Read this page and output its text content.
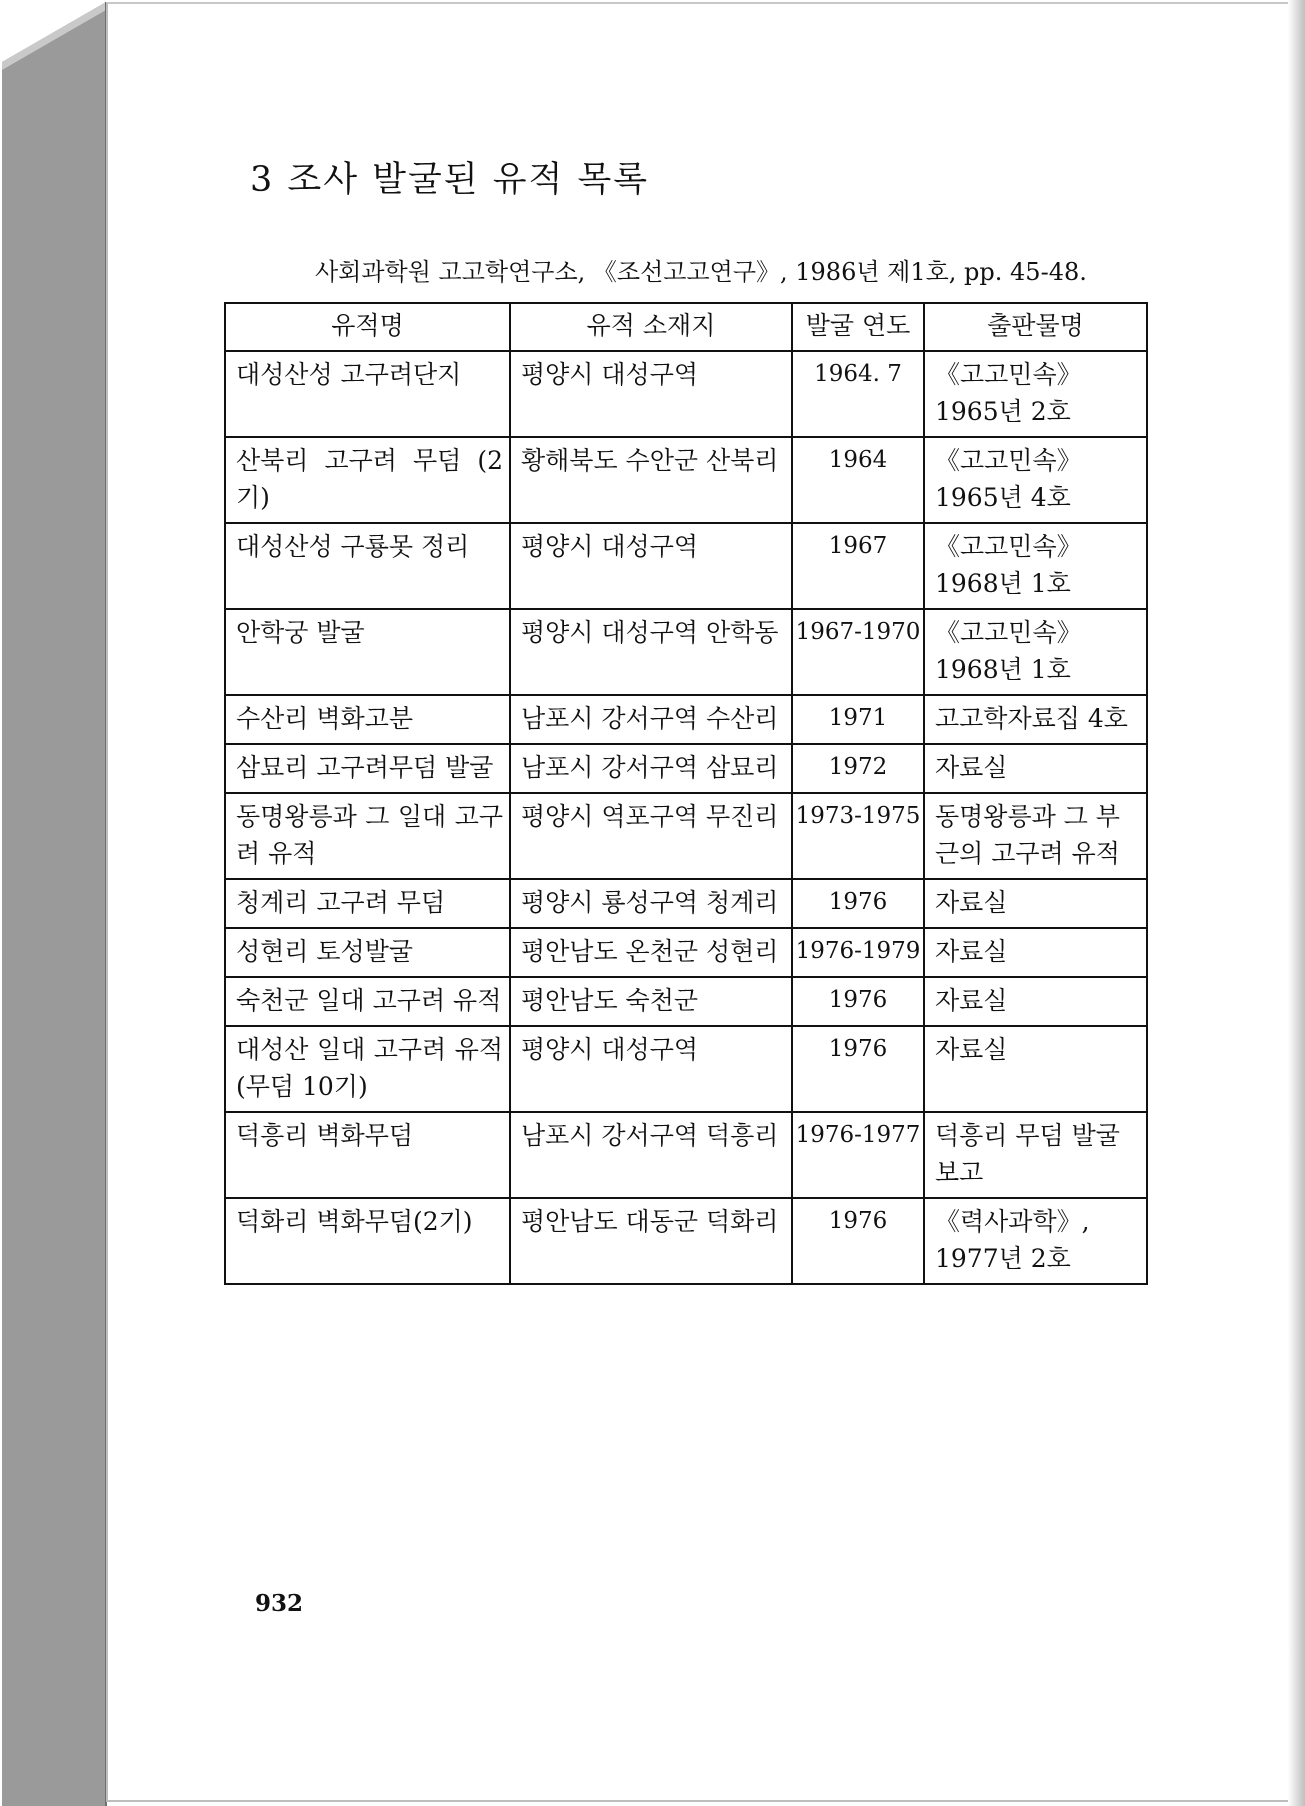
3 조사 발굴된 유적 목록

사회과학원 고고학연구소, 《조선고고연구》, 1986년 제1호, pp. 45-48.

유적명	유적 소재지	발굴 연도	출판물명
대성산성 고구려단지	평양시 대성구역	1964. 7	《고고민속》 1965년 2호
산북리 고구려 무덤 (2기)	황해북도 수안군 산북리	1964	《고고민속》 1965년 4호
대성산성 구룡못 정리	평양시 대성구역	1967	《고고민속》 1968년 1호
안학궁 발굴	평양시 대성구역 안학동	1967-1970	《고고민속》 1968년 1호
수산리 벽화고분	남포시 강서구역 수산리	1971	고고학자료집 4호
삼묘리 고구려무덤 발굴	남포시 강서구역 삼묘리	1972	자료실
동명왕릉과 그 일대 고구려 유적	평양시 역포구역 무진리	1973-1975	동명왕릉과 그 부근의 고구려 유적
청계리 고구려 무덤	평양시 룡성구역 청계리	1976	자료실
성현리 토성발굴	평안남도 온천군 성현리	1976-1979	자료실
숙천군 일대 고구려 유적	평안남도 숙천군	1976	자료실
대성산 일대 고구려 유적(무덤 10기)	평양시 대성구역	1976	자료실
덕흥리 벽화무덤	남포시 강서구역 덕흥리	1976-1977	덕흥리 무덤 발굴보고
덕화리 벽화무덤(2기)	평안남도 대동군 덕화리	1976	《력사과학》, 1977년 2호

932
